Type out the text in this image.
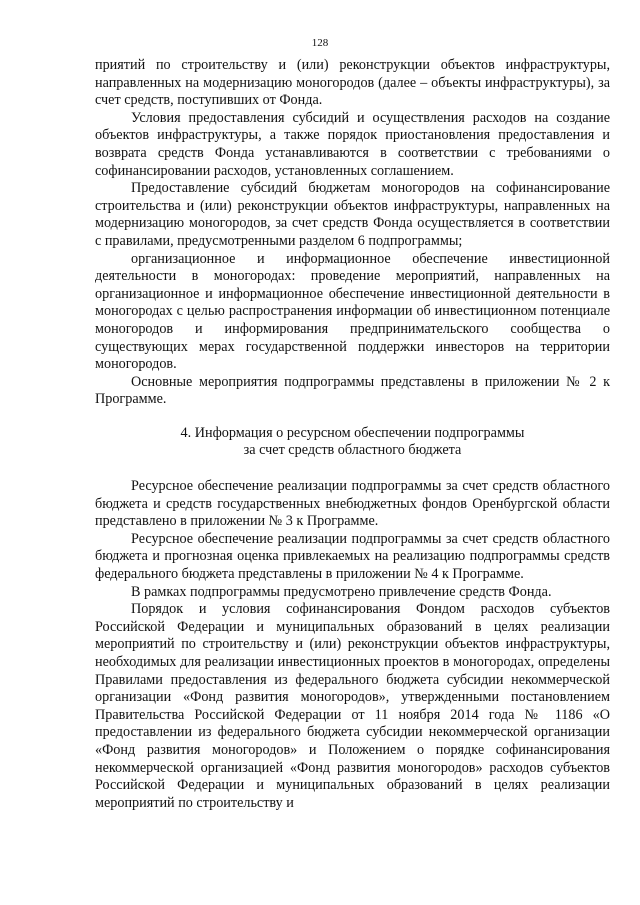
128

приятий по строительству и (или) реконструкции объектов инфраструктуры, направленных на модернизацию моногородов (далее – объекты инфраструктуры), за счет средств, поступивших от Фонда.

Условия предоставления субсидий и осуществления расходов на создание объектов инфраструктуры, а также порядок приостановления предоставления и возврата средств Фонда устанавливаются в соответствии с требованиями о софинансировании расходов, установленных соглашением.

Предоставление субсидий бюджетам моногородов на софинансирование строительства и (или) реконструкции объектов инфраструктуры, направленных на модернизацию моногородов, за счет средств Фонда осуществляется в соответствии с правилами, предусмотренными разделом 6 подпрограммы;

организационное и информационное обеспечение инвестиционной деятельности в моногородах: проведение мероприятий, направленных на организационное и информационное обеспечение инвестиционной деятельности в моногородах с целью распространения информации об инвестиционном потенциале моногородов и информирования предпринимательского сообщества о существующих мерах государственной поддержки инвесторов на территории моногородов.

Основные мероприятия подпрограммы представлены в приложении № 2 к Программе.

4. Информация о ресурсном обеспечении подпрограммы
за счет средств областного бюджета

Ресурсное обеспечение реализации подпрограммы за счет средств областного бюджета и средств государственных внебюджетных фондов Оренбургской области представлено в приложении № 3 к Программе.

Ресурсное обеспечение реализации подпрограммы за счет средств областного бюджета и прогнозная оценка привлекаемых на реализацию подпрограммы средств федерального бюджета представлены в приложении № 4 к Программе.

В рамках подпрограммы предусмотрено привлечение средств Фонда.

Порядок и условия софинансирования Фондом расходов субъектов Российской Федерации и муниципальных образований в целях реализации мероприятий по строительству и (или) реконструкции объектов инфраструктуры, необходимых для реализации инвестиционных проектов в моногородах, определены Правилами предоставления из федерального бюджета субсидии некоммерческой организации «Фонд развития моногородов», утвержденными постановлением Правительства Российской Федерации от 11 ноября 2014 года № 1186 «О предоставлении из федерального бюджета субсидии некоммерческой организации «Фонд развития моногородов» и Положением о порядке софинансирования некоммерческой организацией «Фонд развития моногородов» расходов субъектов Российской Федерации и муниципальных образований в целях реализации мероприятий по строительству и
